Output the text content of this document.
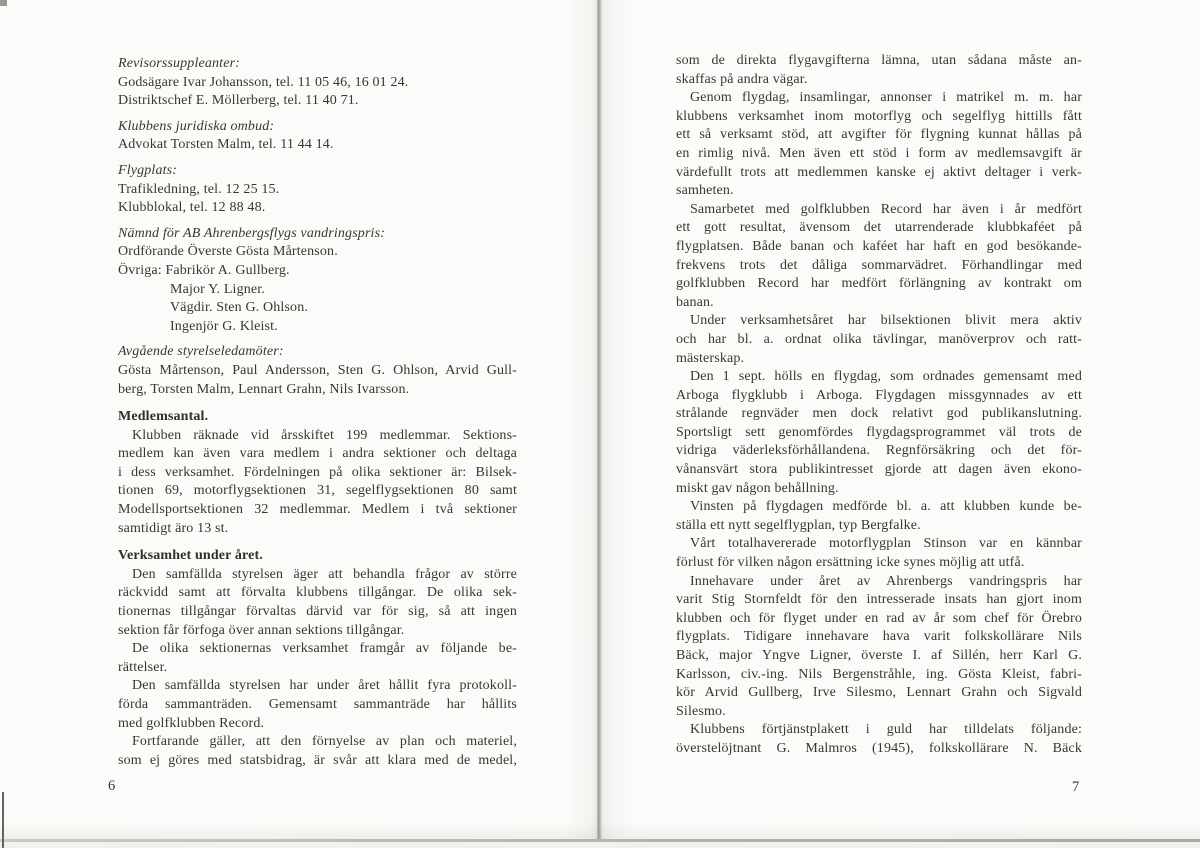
Revisorssuppleanter:
Godsägare Ivar Johansson, tel. 11 05 46, 16 01 24.
Distriktschef E. Möllerberg, tel. 11 40 71.
Klubbens juridiska ombud:
Advokat Torsten Malm, tel. 11 44 14.
Flygplats:
Trafikledning, tel. 12 25 15.
Klubblokal, tel. 12 88 48.
Nämnd för AB Ahrenbergsflygs vandringspris:
Ordförande Överste Gösta Mårtenson.
Övriga: Fabrikör A. Gullberg.
Major Y. Ligner.
Vägdir. Sten G. Ohlson.
Ingenjör G. Kleist.
Avgående styrelseledamöter:
Gösta Mårtenson, Paul Andersson, Sten G. Ohlson, Arvid Gull-
berg, Torsten Malm, Lennart Grahn, Nils Ivarsson.
Medlemsantal.
Klubben räknade vid årsskiftet 199 medlemmar. Sektions-
medlem kan även vara medlem i andra sektioner och deltaga
i dess verksamhet. Fördelningen på olika sektioner är: Bilsek-
tionen 69, motorflygsektionen 31, segelflygsektionen 80 samt
Modellsportsektionen 32 medlemmar. Medlem i två sektioner
samtidigt äro 13 st.
Verksamhet under året.
Den samfällda styrelsen äger att behandla frågor av större
räckvidd samt att förvalta klubbens tillgångar. De olika sek-
tionernas tillgångar förvaltas därvid var för sig, så att ingen
sektion får förfoga över annan sektions tillgångar.
De olika sektionernas verksamhet framgår av följande be-
rättelser.
Den samfällda styrelsen har under året hållit fyra protokoll-
förda sammanträden. Gemensamt sammanträde har hållits
med golfklubben Record.
Fortfarande gäller, att den förnyelse av plan och materiel,
som ej göres med statsbidrag, är svår att klara med de medel,
6
som de direkta flygavgifterna lämna, utan sådana måste an-
skaffas på andra vägar.
Genom flygdag, insamlingar, annonser i matrikel m. m. har
klubbens verksamhet inom motorflyg och segelflyg hittills fått
ett så verksamt stöd, att avgifter för flygning kunnat hållas på
en rimlig nivå. Men även ett stöd i form av medlemsavgift är
värdefullt trots att medlemmen kanske ej aktivt deltager i verk-
samheten.
Samarbetet med golfklubben Record har även i år medfört
ett gott resultat, ävensom det utarrenderade klubbkaféet på
flygplatsen. Både banan och kaféet har haft en god besökande-
frekvens trots det dåliga sommarvädret. Förhandlingar med
golfklubben Record har medfört förlängning av kontrakt om
banan.
Under verksamhetsåret har bilsektionen blivit mera aktiv
och har bl. a. ordnat olika tävlingar, manöverprov och ratt-
mästerskap.
Den 1 sept. hölls en flygdag, som ordnades gemensamt med
Arboga flygklubb i Arboga. Flygdagen missgynnades av ett
strålande regnväder men dock relativt god publikanslutning.
Sportsligt sett genomfördes flygdagsprogrammet väl trots de
vidriga väderleksförhållandena. Regnförsäkring och det för-
vånansvärt stora publikintresset gjorde att dagen även ekono-
miskt gav någon behållning.
Vinsten på flygdagen medförde bl. a. att klubben kunde be-
ställa ett nytt segelflygplan, typ Bergfalke.
Vårt totalhavererade motorflygplan Stinson var en kännbar
förlust för vilken någon ersättning icke synes möjlig att utfå.
Innehavare under året av Ahrenbergs vandringspris har
varit Stig Stornfeldt för den intresserade insats han gjort inom
klubben och för flyget under en rad av år som chef för Örebro
flygplats. Tidigare innehavare hava varit folkskollärare Nils
Bäck, major Yngve Ligner, överste I. af Sillén, herr Karl G.
Karlsson, civ.-ing. Nils Bergenstråhle, ing. Gösta Kleist, fabri-
kör Arvid Gullberg, Irve Silesmo, Lennart Grahn och Sigvald
Silesmo.
Klubbens förtjänstplakett i guld har tilldelats följande:
överstelöjtnant G. Malmros (1945), folkskollärare N. Bäck
7
